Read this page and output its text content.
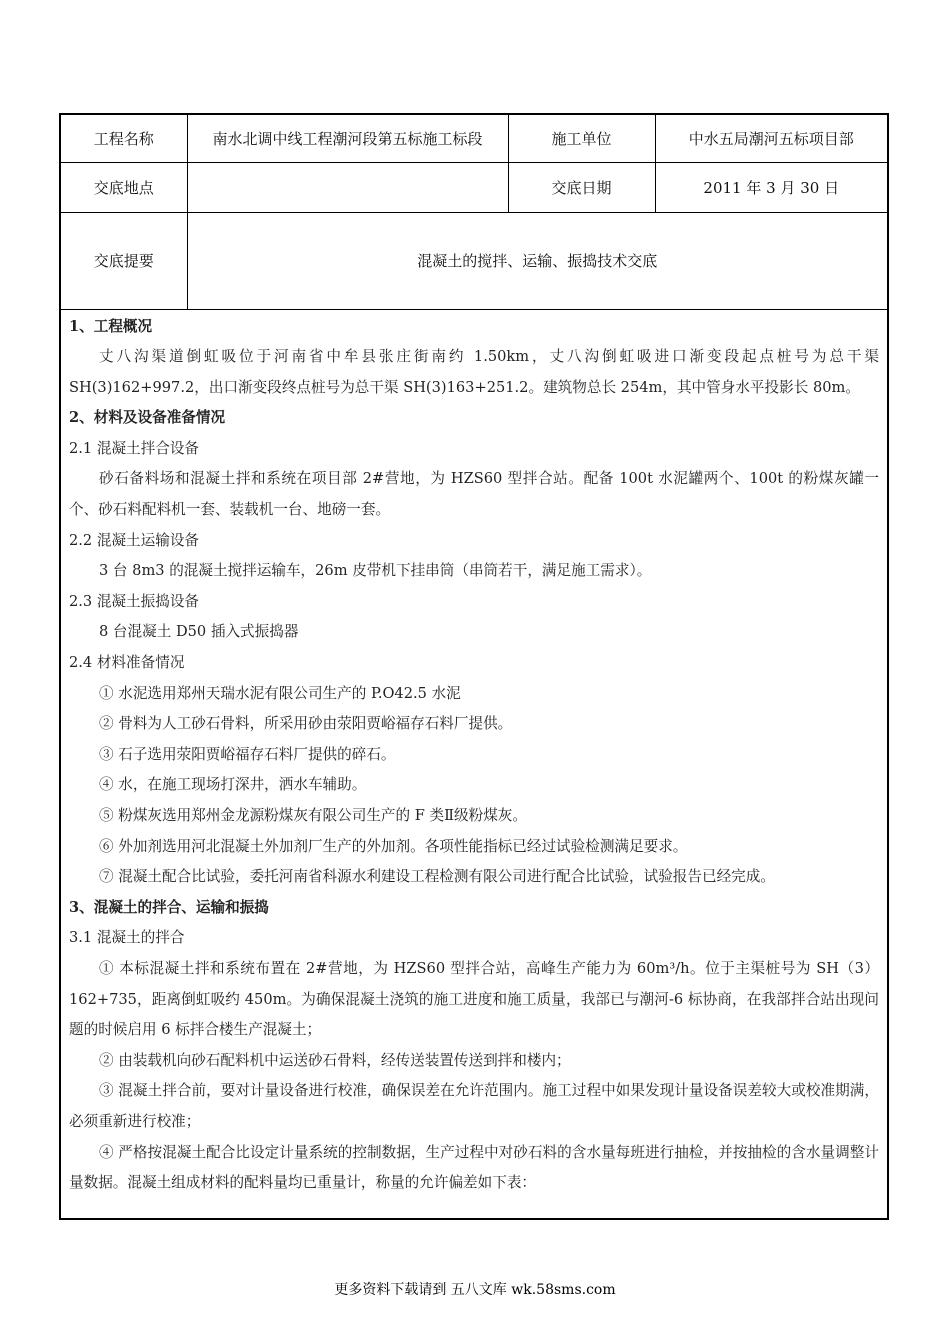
工程名称	南水北调中线工程潮河段第五标施工标段	施工单位	中水五局潮河五标项目部
交底地点		交底日期	2011 年 3 月 30 日
交底提要	混凝土的搅拌、运输、振捣技术交底		

1、工程概况

丈八沟渠道倒虹吸位于河南省中牟县张庄街南约 1.50km，丈八沟倒虹吸进口渐变段起点桩号为总干渠 SH(3)162+997.2，出口渐变段终点桩号为总干渠 SH(3)163+251.2。建筑物总长 254m，其中管身水平投影长 80m。

2、材料及设备准备情况

2.1 混凝土拌合设备

砂石备料场和混凝土拌和系统在项目部 2#营地，为 HZS60 型拌合站。配备 100t 水泥罐两个、100t 的粉煤灰罐一个、砂石料配料机一套、装载机一台、地磅一套。

2.2 混凝土运输设备

3 台 8m3 的混凝土搅拌运输车，26m 皮带机下挂串筒（串筒若干，满足施工需求）。

2.3 混凝土振捣设备

8 台混凝土 D50 插入式振捣器

2.4 材料准备情况

① 水泥选用郑州天瑞水泥有限公司生产的 P.O42.5 水泥

② 骨料为人工砂石骨料，所采用砂由荥阳贾峪福存石料厂提供。

③ 石子选用荥阳贾峪福存石料厂提供的碎石。

④ 水，在施工现场打深井，洒水车辅助。

⑤ 粉煤灰选用郑州金龙源粉煤灰有限公司生产的 F 类Ⅱ级粉煤灰。

⑥ 外加剂选用河北混凝土外加剂厂生产的外加剂。各项性能指标已经过试验检测满足要求。

⑦ 混凝土配合比试验，委托河南省科源水利建设工程检测有限公司进行配合比试验，试验报告已经完成。

3、混凝土的拌合、运输和振捣

3.1 混凝土的拌合

① 本标混凝土拌和系统布置在 2#营地，为 HZS60 型拌合站，高峰生产能力为 60m³/h。位于主渠桩号为 SH（3）162+735，距离倒虹吸约 450m。为确保混凝土浇筑的施工进度和施工质量，我部已与潮河-6 标协商，在我部拌合站出现问题的时候启用 6 标拌合楼生产混凝土；

② 由装载机向砂石配料机中运送砂石骨料，经传送装置传送到拌和楼内；

③ 混凝土拌合前，要对计量设备进行校准，确保误差在允许范围内。施工过程中如果发现计量设备误差较大或校准期满，必须重新进行校准；

④ 严格按混凝土配合比设定计量系统的控制数据，生产过程中对砂石料的含水量每班进行抽检，并按抽检的含水量调整计量数据。混凝土组成材料的配料量均已重量计，称量的允许偏差如下表：

更多资料下载请到 五八文库 wk.58sms.com
